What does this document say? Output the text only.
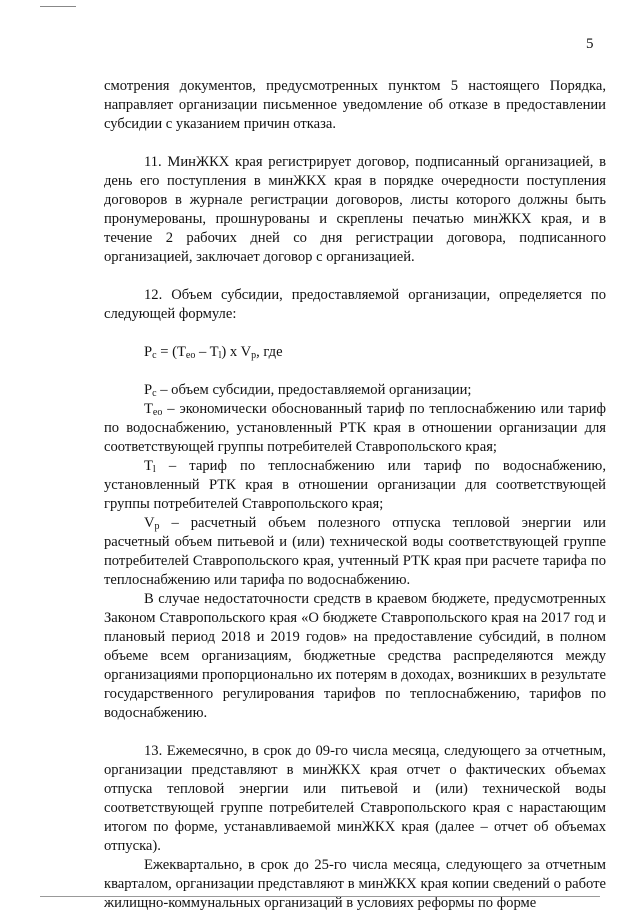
5

смотрения документов, предусмотренных пунктом 5 настоящего Порядка, направляет организации письменное уведомление об отказе в предоставлении субсидии с указанием причин отказа.

11. МинЖКХ края регистрирует договор, подписанный организацией, в день его поступления в минЖКХ края в порядке очередности поступления договоров в журнале регистрации договоров, листы которого должны быть пронумерованы, прошнурованы и скреплены печатью минЖКХ края, и в течение 2 рабочих дней со дня регистрации договора, подписанного организацией, заключает договор с организацией.

12. Объем субсидии, предоставляемой организации, определяется по следующей формуле:

$P_c = (T_{eo} - T_l)$ x $V_p$, где

$P_c$ – объем субсидии, предоставляемой организации;

$T_{eo}$ – экономически обоснованный тариф по теплоснабжению или тариф по водоснабжению, установленный РТК края в отношении организации для соответствующей группы потребителей Ставропольского края;

$T_l$ – тариф по теплоснабжению или тариф по водоснабжению, установленный РТК края в отношении организации для соответствующей группы потребителей Ставропольского края;

$V_p$ – расчетный объем полезного отпуска тепловой энергии или расчетный объем питьевой и (или) технической воды соответствующей группе потребителей Ставропольского края, учтенный РТК края при расчете тарифа по теплоснабжению или тарифа по водоснабжению.

В случае недостаточности средств в краевом бюджете, предусмотренных Законом Ставропольского края «О бюджете Ставропольского края на 2017 год и плановый период 2018 и 2019 годов» на предоставление субсидий, в полном объеме всем организациям, бюджетные средства распределяются между организациями пропорционально их потерям в доходах, возникших в результате государственного регулирования тарифов по теплоснабжению, тарифов по водоснабжению.

13. Ежемесячно, в срок до 09-го числа месяца, следующего за отчетным, организации представляют в минЖКХ края отчет о фактических объемах отпуска тепловой энергии или питьевой и (или) технической воды соответствующей группе потребителей Ставропольского края с нарастающим итогом по форме, устанавливаемой минЖКХ края (далее – отчет об объемах отпуска).

Ежеквартально, в срок до 25-го числа месяца, следующего за отчетным кварталом, организации представляют в минЖКХ края копии сведений о работе жилищно-коммунальных организаций в условиях реформы по форме
